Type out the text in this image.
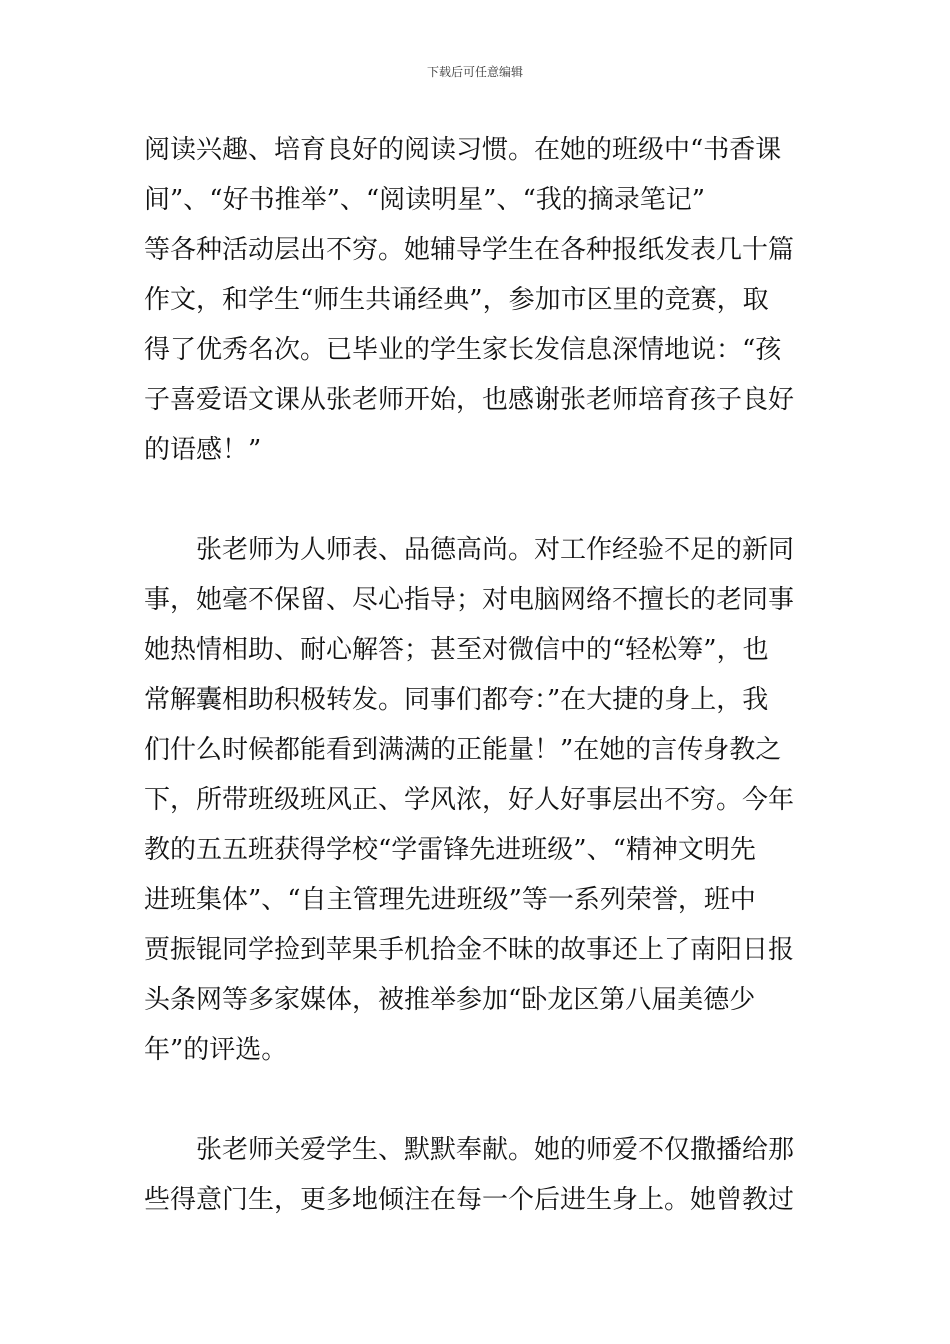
下载后可任意编辑

阅读兴趣、培育良好的阅读习惯。在她的班级中“书香课
间”、“好书推举”、“阅读明星”、“我的摘录笔记”
等各种活动层出不穷。她辅导学生在各种报纸发表几十篇
作文，和学生“师生共诵经典”，参加市区里的竞赛，取
得了优秀名次。已毕业的学生家长发信息深情地说：“孩
子喜爱语文课从张老师开始，也感谢张老师培育孩子良好
的语感！”

张老师为人师表、品德高尚。对工作经验不足的新同
事，她毫不保留、尽心指导；对电脑网络不擅长的老同事
她热情相助、耐心解答；甚至对微信中的“轻松筹”，也
常解囊相助积极转发。同事们都夸：”在大捷的身上，我
们什么时候都能看到满满的正能量！”在她的言传身教之
下，所带班级班风正、学风浓，好人好事层出不穷。今年
教的五五班获得学校“学雷锋先进班级”、“精神文明先
进班集体”、“自主管理先进班级”等一系列荣誉，班中
贾振锟同学捡到苹果手机拾金不昧的故事还上了南阳日报
头条网等多家媒体，被推举参加“卧龙区第八届美德少
年”的评选。

张老师关爱学生、默默奉献。她的师爱不仅撒播给那
些得意门生，更多地倾注在每一个后进生身上。她曾教过
